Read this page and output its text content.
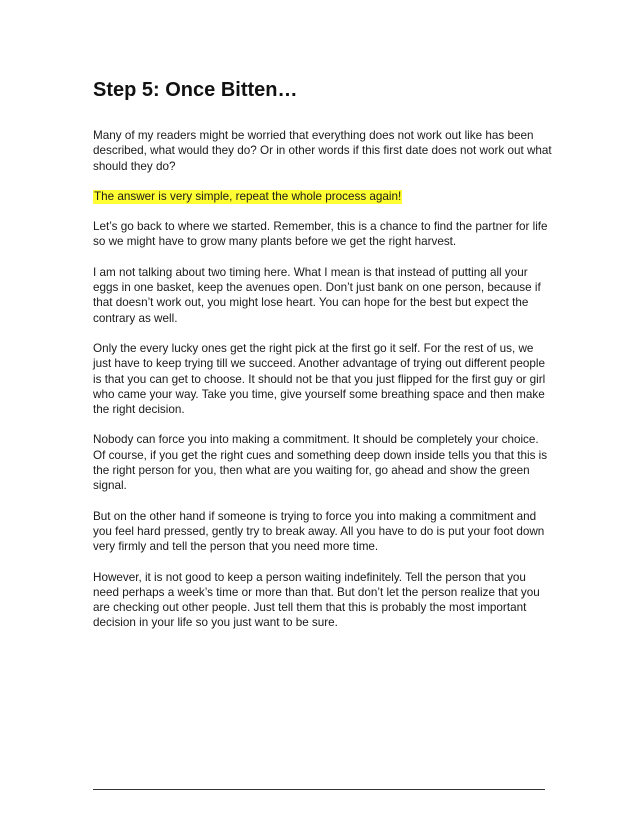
Step 5: Once Bitten…

Many of my readers might be worried that everything does not work out like has been
described, what would they do? Or in other words if this first date does not work out what
should they do?

The answer is very simple, repeat the whole process again!

Let’s go back to where we started. Remember, this is a chance to find the partner for life
so we might have to grow many plants before we get the right harvest.

I am not talking about two timing here. What I mean is that instead of putting all your
eggs in one basket, keep the avenues open. Don’t just bank on one person, because if
that doesn’t work out, you might lose heart. You can hope for the best but expect the
contrary as well.

Only the every lucky ones get the right pick at the first go it self. For the rest of us, we
just have to keep trying till we succeed. Another advantage of trying out different people
is that you can get to choose. It should not be that you just flipped for the first guy or girl
who came your way. Take you time, give yourself some breathing space and then make
the right decision.

Nobody can force you into making a commitment. It should be completely your choice.
Of course, if you get the right cues and something deep down inside tells you that this is
the right person for you, then what are you waiting for, go ahead and show the green
signal.

But on the other hand if someone is trying to force you into making a commitment and
you feel hard pressed, gently try to break away. All you have to do is put your foot down
very firmly and tell the person that you need more time.

However, it is not good to keep a person waiting indefinitely. Tell the person that you
need perhaps a week’s time or more than that. But don’t let the person realize that you
are checking out other people. Just tell them that this is probably the most important
decision in your life so you just want to be sure.
